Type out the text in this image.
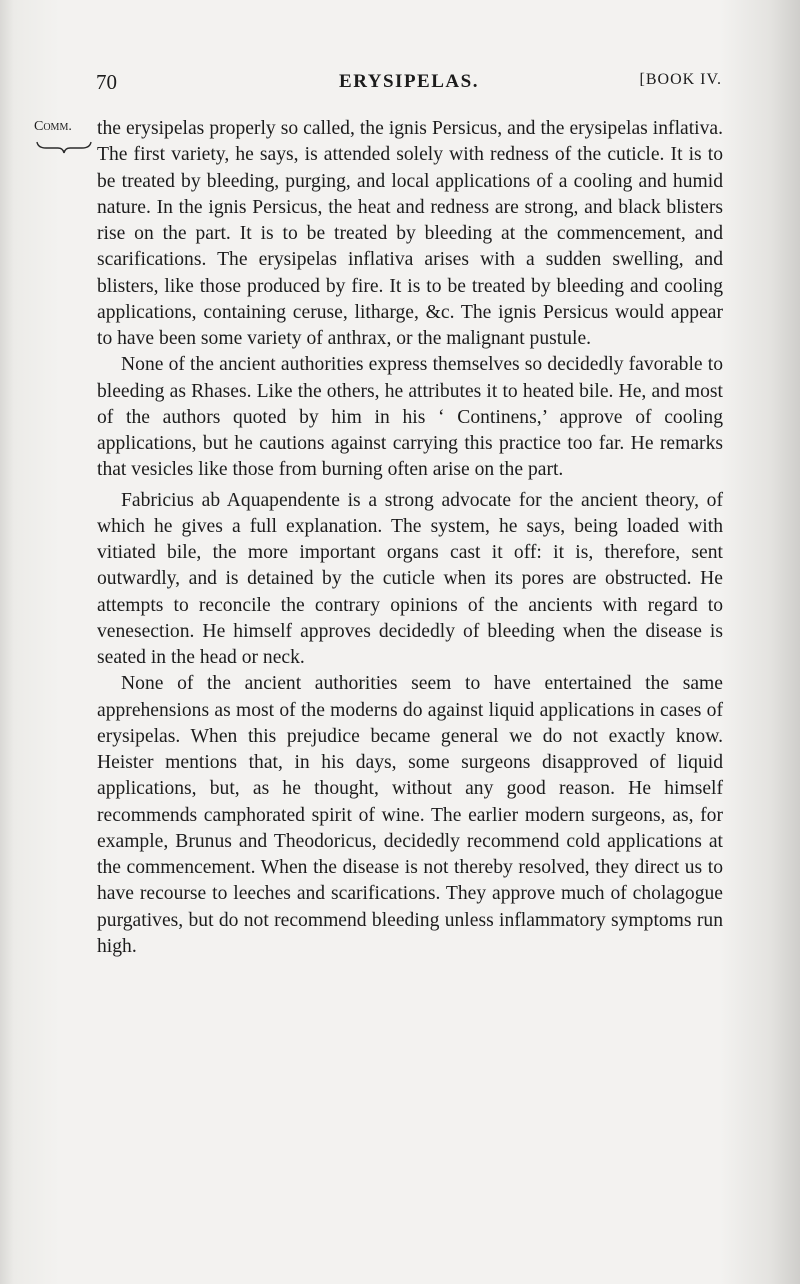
70	ERYSIPELAS.	[BOOK IV.
Comm. the erysipelas properly so called, the ignis Persicus, and the erysipelas inflativa. The first variety, he says, is attended solely with redness of the cuticle. It is to be treated by bleeding, purging, and local applications of a cooling and humid nature. In the ignis Persicus, the heat and redness are strong, and black blisters rise on the part. It is to be treated by bleeding at the commencement, and scarifications. The erysipelas inflativa arises with a sudden swelling, and blisters, like those produced by fire. It is to be treated by bleeding and cooling applications, containing ceruse, litharge, &c. The ignis Persicus would appear to have been some variety of anthrax, or the malignant pustule.

None of the ancient authorities express themselves so decidedly favorable to bleeding as Rhases. Like the others, he attributes it to heated bile. He, and most of the authors quoted by him in his ‘ Continens,’ approve of cooling applications, but he cautions against carrying this practice too far. He remarks that vesicles like those from burning often arise on the part.

Fabricius ab Aquapendente is a strong advocate for the ancient theory, of which he gives a full explanation. The system, he says, being loaded with vitiated bile, the more important organs cast it off: it is, therefore, sent outwardly, and is detained by the cuticle when its pores are obstructed. He attempts to reconcile the contrary opinions of the ancients with regard to venesection. He himself approves decidedly of bleeding when the disease is seated in the head or neck.

None of the ancient authorities seem to have entertained the same apprehensions as most of the moderns do against liquid applications in cases of erysipelas. When this prejudice became general we do not exactly know. Heister mentions that, in his days, some surgeons disapproved of liquid applications, but, as he thought, without any good reason. He himself recommends camphorated spirit of wine. The earlier modern surgeons, as, for example, Brunus and Theodoricus, decidedly recommend cold applications at the commencement. When the disease is not thereby resolved, they direct us to have recourse to leeches and scarifications. They approve much of cholagogue purgatives, but do not recommend bleeding unless inflammatory symptoms run high.
